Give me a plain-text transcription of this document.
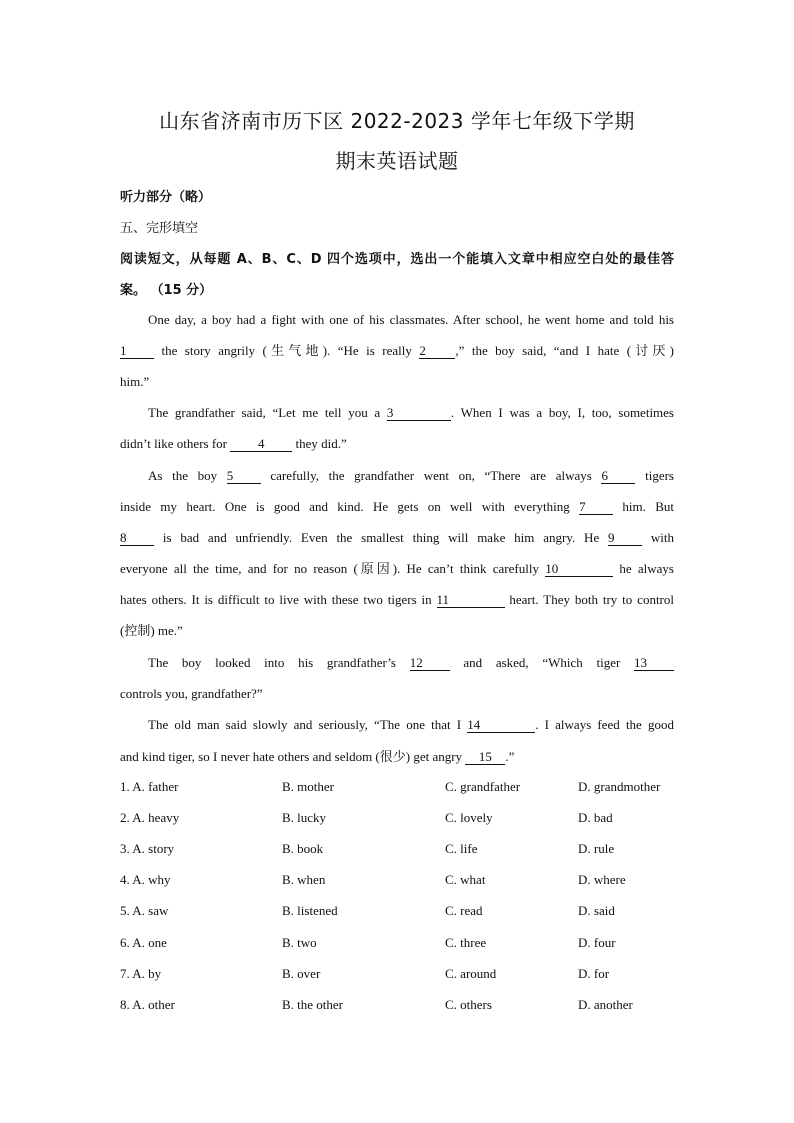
山东省济南市历下区 2022-2023 学年七年级下学期
期末英语试题
听力部分（略）
五、完形填空
阅读短文，从每题 A、B、C、D 四个选项中，选出一个能填入文章中相应空白处的最佳答
案。 （15 分）
One day, a boy had a fight with one of his classmates. After school, he went home and told his
1 the story angrily (生气地). “He is really 2 ,” the boy said, “and I hate (讨厌)
him.”
The grandfather said, “Let me tell you a 3	. When I was a boy, I, too, sometimes
didn’t like others for 4 they did.”
As the boy 5 carefully, the grandfather went on, “There are always 6 tigers
inside my heart. One is good and kind. He gets on well with everything 7 him. But
8 is bad and unfriendly. Even the smallest thing will make him angry. He 9 with
everyone all the time, and for no reason (原因). He can’t think carefully 10	he always
hates others. It is difficult to live with these two tigers in 11	heart. They both try to control
(控制) me.”
The boy looked into his grandfather’s 12 and asked, “Which tiger 13
controls you, grandfather?”
The old man said slowly and seriously, “The one that I 14	. I always feed the good
and kind tiger, so I never hate others and seldom (很少) get angry 15 .”
1. A. father	B. mother	C. grandfather	D. grandmother
2. A. heavy	B. lucky	C. lovely	D. bad
3. A. story	B. book	C. life	D. rule
4. A. why	B. when	C. what	D. where
5. A. saw	B. listened	C. read	D. said
6. A. one	B. two	C. three	D. four
7. A. by	B. over	C. around	D. for
8. A. other	B. the other	C. others	D. another
